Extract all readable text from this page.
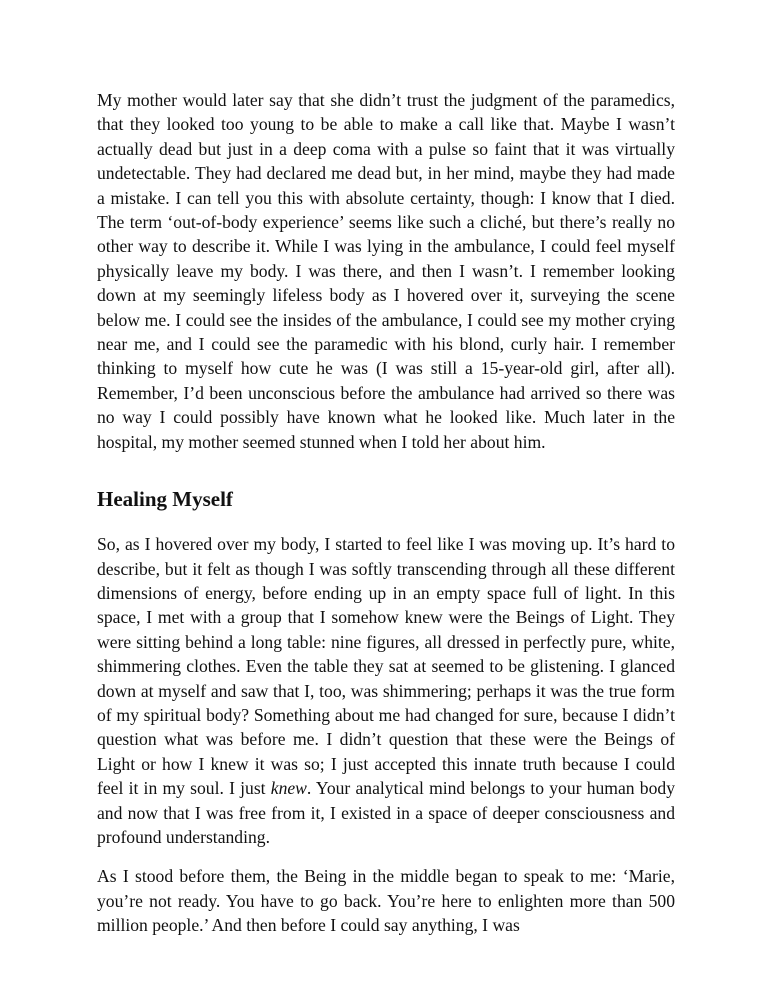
My mother would later say that she didn’t trust the judgment of the paramedics, that they looked too young to be able to make a call like that. Maybe I wasn’t actually dead but just in a deep coma with a pulse so faint that it was virtually undetectable. They had declared me dead but, in her mind, maybe they had made a mistake. I can tell you this with absolute certainty, though: I know that I died. The term ‘out-of-body experience’ seems like such a cliché, but there’s really no other way to describe it. While I was lying in the ambulance, I could feel myself physically leave my body. I was there, and then I wasn’t. I remember looking down at my seemingly lifeless body as I hovered over it, surveying the scene below me. I could see the insides of the ambulance, I could see my mother crying near me, and I could see the paramedic with his blond, curly hair. I remember thinking to myself how cute he was (I was still a 15-year-old girl, after all). Remember, I’d been unconscious before the ambulance had arrived so there was no way I could possibly have known what he looked like. Much later in the hospital, my mother seemed stunned when I told her about him.

Healing Myself

So, as I hovered over my body, I started to feel like I was moving up. It’s hard to describe, but it felt as though I was softly transcending through all these different dimensions of energy, before ending up in an empty space full of light. In this space, I met with a group that I somehow knew were the Beings of Light. They were sitting behind a long table: nine figures, all dressed in perfectly pure, white, shimmering clothes. Even the table they sat at seemed to be glistening. I glanced down at myself and saw that I, too, was shimmering; perhaps it was the true form of my spiritual body? Something about me had changed for sure, because I didn’t question what was before me. I didn’t question that these were the Beings of Light or how I knew it was so; I just accepted this innate truth because I could feel it in my soul. I just knew. Your analytical mind belongs to your human body and now that I was free from it, I existed in a space of deeper consciousness and profound understanding.

As I stood before them, the Being in the middle began to speak to me: ‘Marie, you’re not ready. You have to go back. You’re here to enlighten more than 500 million people.’ And then before I could say anything, I was
